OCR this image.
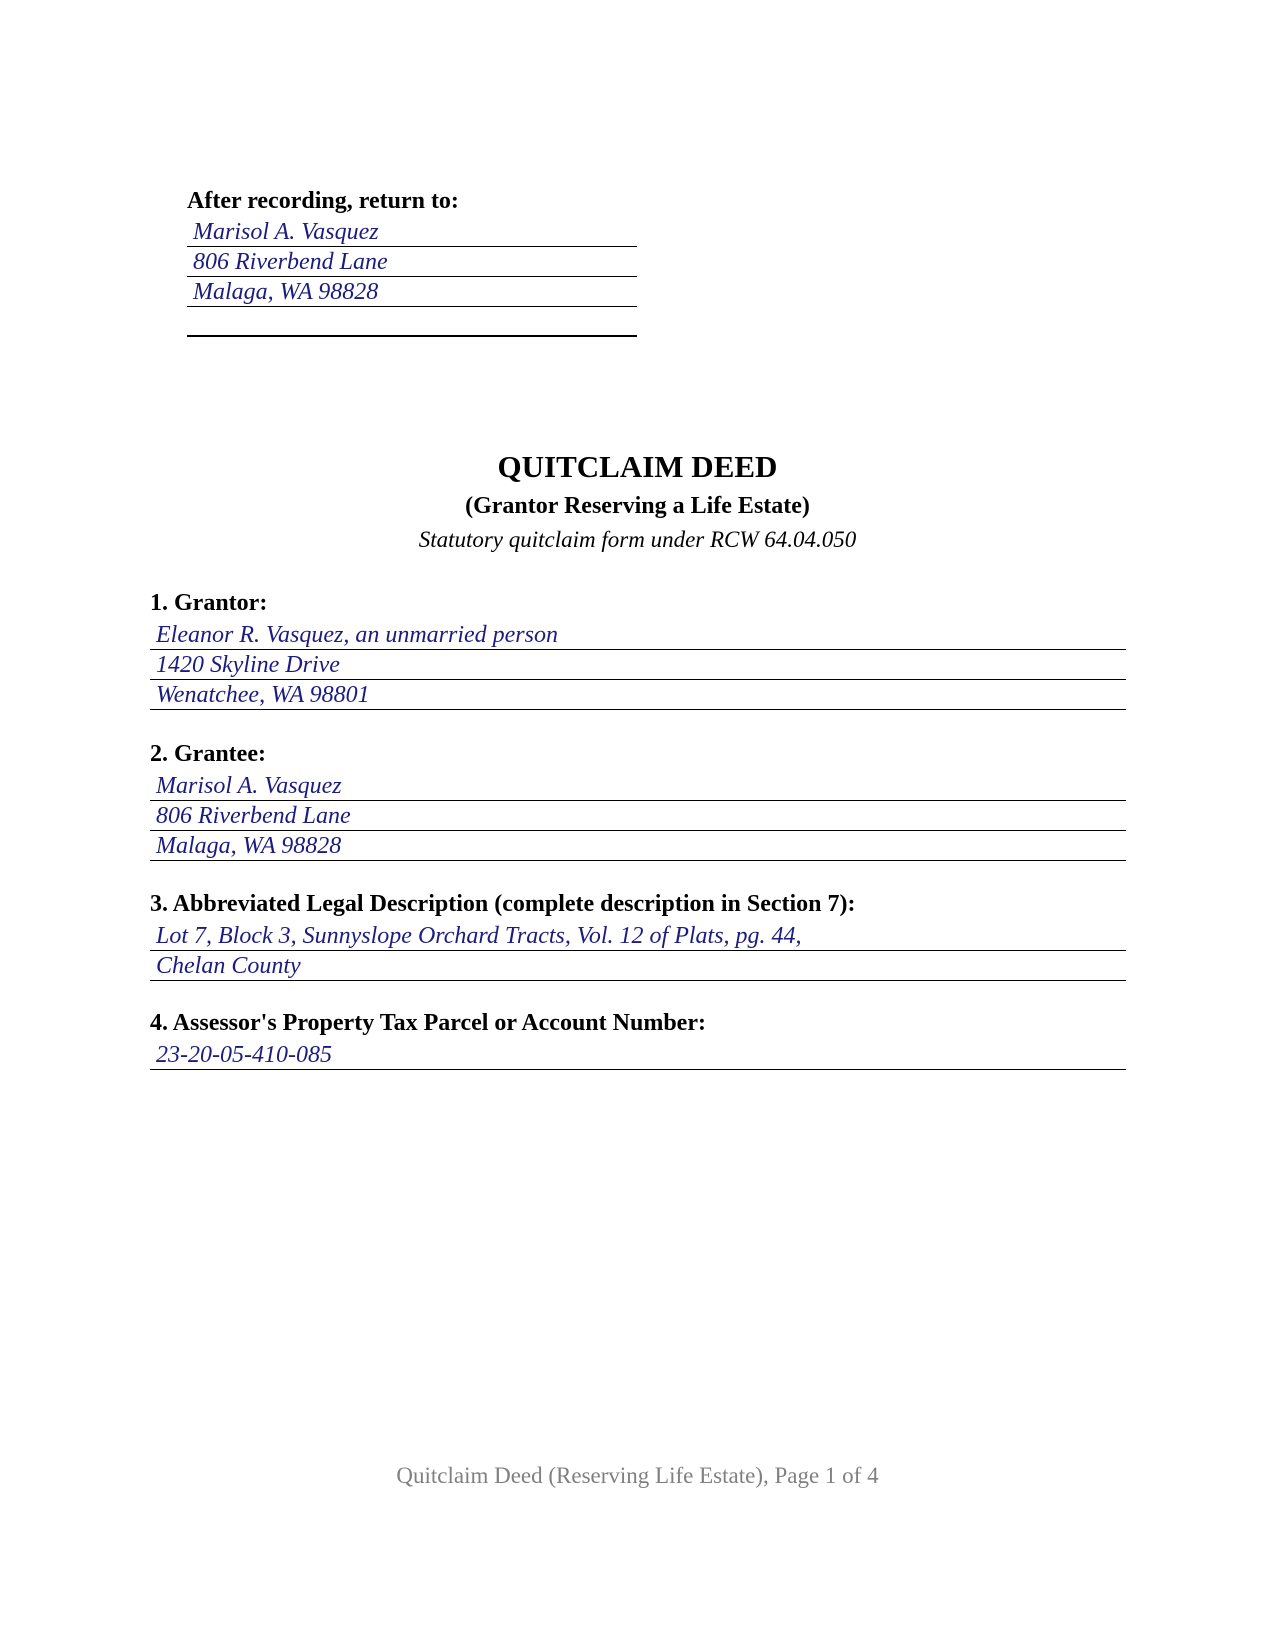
After recording, return to:
Marisol A. Vasquez
806 Riverbend Lane
Malaga, WA 98828
QUITCLAIM DEED
(Grantor Reserving a Life Estate)
Statutory quitclaim form under RCW 64.04.050
1. Grantor:
Eleanor R. Vasquez, an unmarried person
1420 Skyline Drive
Wenatchee, WA 98801
2. Grantee:
Marisol A. Vasquez
806 Riverbend Lane
Malaga, WA 98828
3. Abbreviated Legal Description (complete description in Section 7):
Lot 7, Block 3, Sunnyslope Orchard Tracts, Vol. 12 of Plats, pg. 44,
Chelan County
4. Assessor's Property Tax Parcel or Account Number:
23-20-05-410-085
Quitclaim Deed (Reserving Life Estate), Page 1 of 4
